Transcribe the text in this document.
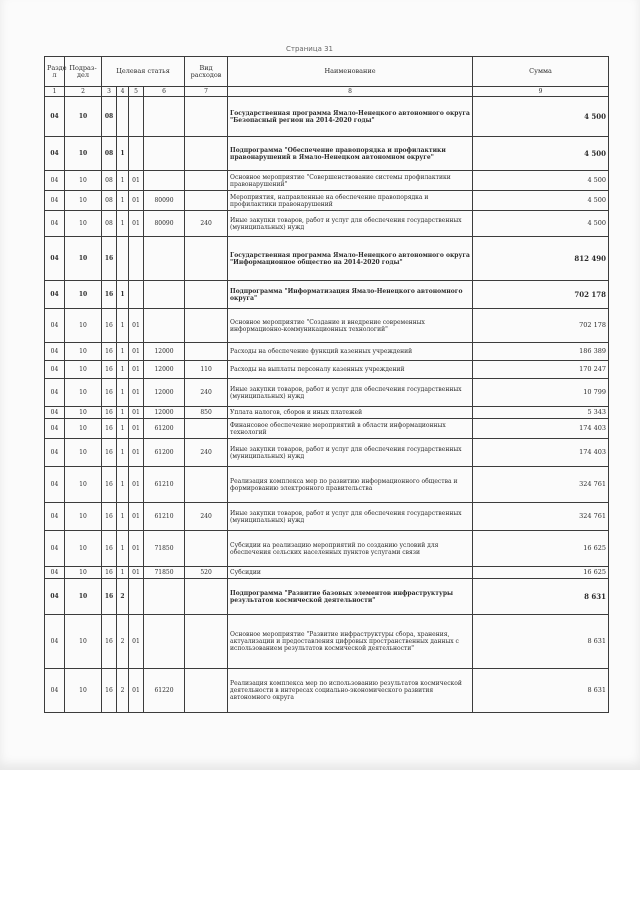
Страница 31
Разде л	Подраз- дел	Целевая статья				Вид расходов	Наименование	Сумма
1	2	3	4	5	6	7	8	9
04	10	08					Государственная программа Ямало-Ненецкого автономного округа "Безопасный регион на 2014-2020 годы"	4 500
04	10	08	1				Подпрограмма "Обеспечение правопорядка и профилактики правонарушений в Ямало-Ненецком автономном округе"	4 500
04	10	08	1	01			Основное мероприятие "Совершенствование системы профилактики правонарушений"	4 500
04	10	08	1	01	80090		Мероприятия, направленные на обеспечение правопорядка и профилактики правонарушений	4 500
04	10	08	1	01	80090	240	Иные закупки товаров, работ и услуг для обеспечения государственных (муниципальных) нужд	4 500
04	10	16					Государственная программа Ямало-Ненецкого автономного округа "Информационное общество на 2014-2020 годы"	812 490
04	10	16	1				Подпрограмма "Информатизация Ямало-Ненецкого автономного округа"	702 178
04	10	16	1	01			Основное мероприятие "Создание и внедрение современных информационно-коммуникационных технологий"	702 178
04	10	16	1	01	12000		Расходы на обеспечение функций казенных учреждений	186 389
04	10	16	1	01	12000	110	Расходы на выплаты персоналу казенных учреждений	170 247
04	10	16	1	01	12000	240	Иные закупки товаров, работ и услуг для обеспечения государственных (муниципальных) нужд	10 799
04	10	16	1	01	12000	850	Уплата налогов, сборов и иных платежей	5 343
04	10	16	1	01	61200		Финансовое обеспечение мероприятий в области информационных технологий	174 403
04	10	16	1	01	61200	240	Иные закупки товаров, работ и услуг для обеспечения государственных (муниципальных) нужд	174 403
04	10	16	1	01	61210		Реализация комплекса мер по развитию информационного общества и формированию электронного правительства	324 761
04	10	16	1	01	61210	240	Иные закупки товаров, работ и услуг для обеспечения государственных (муниципальных) нужд	324 761
04	10	16	1	01	71850		Субсидии на реализацию мероприятий по созданию условий для обеспечения сельских населенных пунктов услугами связи	16 625
04	10	16	1	01	71850	520	Субсидии	16 625
04	10	16	2				Подпрограмма "Развитие базовых элементов инфраструктуры результатов космической деятельности"	8 631
04	10	16	2	01			Основное мероприятие "Развитие инфраструктуры сбора, хранения, актуализации и предоставления цифровых пространственных данных с использованием результатов космической деятельности"	8 631
04	10	16	2	01	61220		Реализация комплекса мер по использованию результатов космической деятельности в интересах социально-экономического развития автономного округа	8 631
